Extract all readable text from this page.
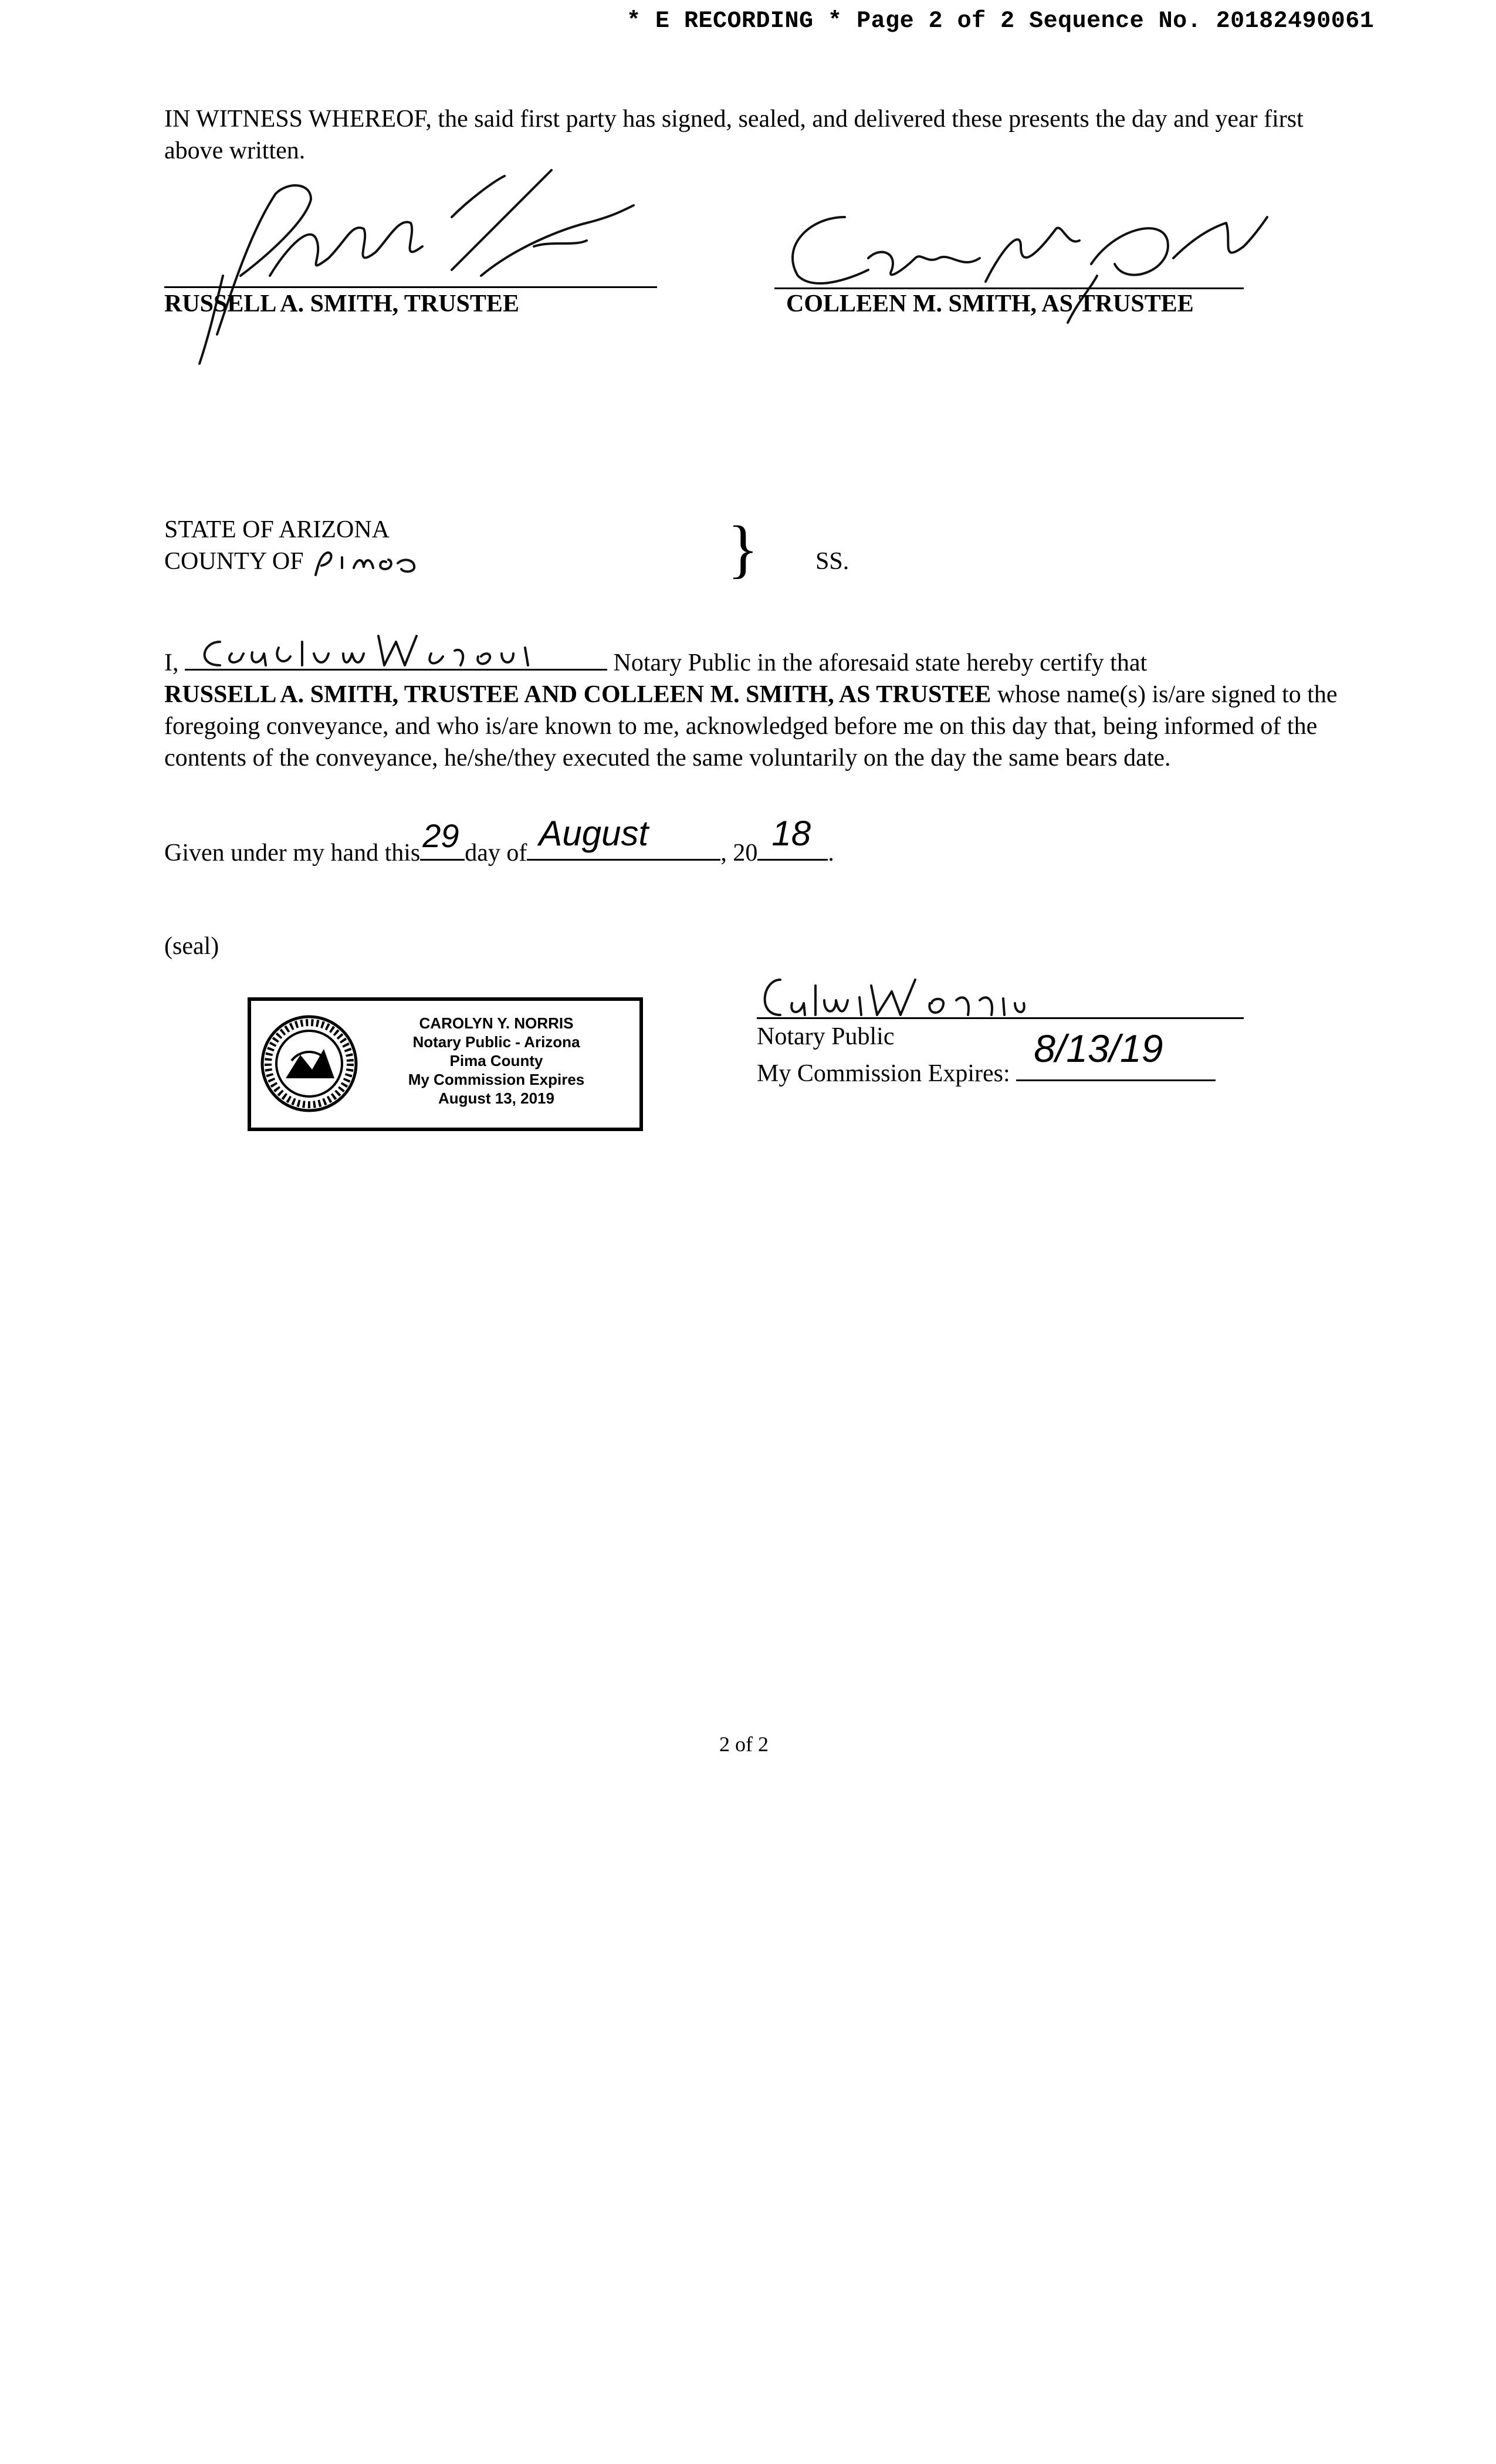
* E RECORDING * Page 2 of 2 Sequence No. 20182490061
IN WITNESS WHEREOF, the said first party has signed, sealed, and delivered these presents the day and year first above written.
RUSSELL A. SMITH, TRUSTEE	COLLEEN M. SMITH, AS TRUSTEE
STATE OF ARIZONA
COUNTY OF	} SS.
I,	Notary Public in the aforesaid state hereby certify that
RUSSELL A. SMITH, TRUSTEE AND COLLEEN M. SMITH, AS TRUSTEE whose name(s) is/are signed to the foregoing conveyance, and who is/are known to me, acknowledged before me on this day that, being informed of the contents of the conveyance, he/she/they executed the same voluntarily on the day the same bears date.
Given under my hand this 29 day of August	, 20 18 .
(seal)
CAROLYN Y. NORRIS
Notary Public - Arizona
Pima County
My Commission Expires
August 13, 2019
Notary Public
My Commission Expires:
8/13/19
2 of 2
